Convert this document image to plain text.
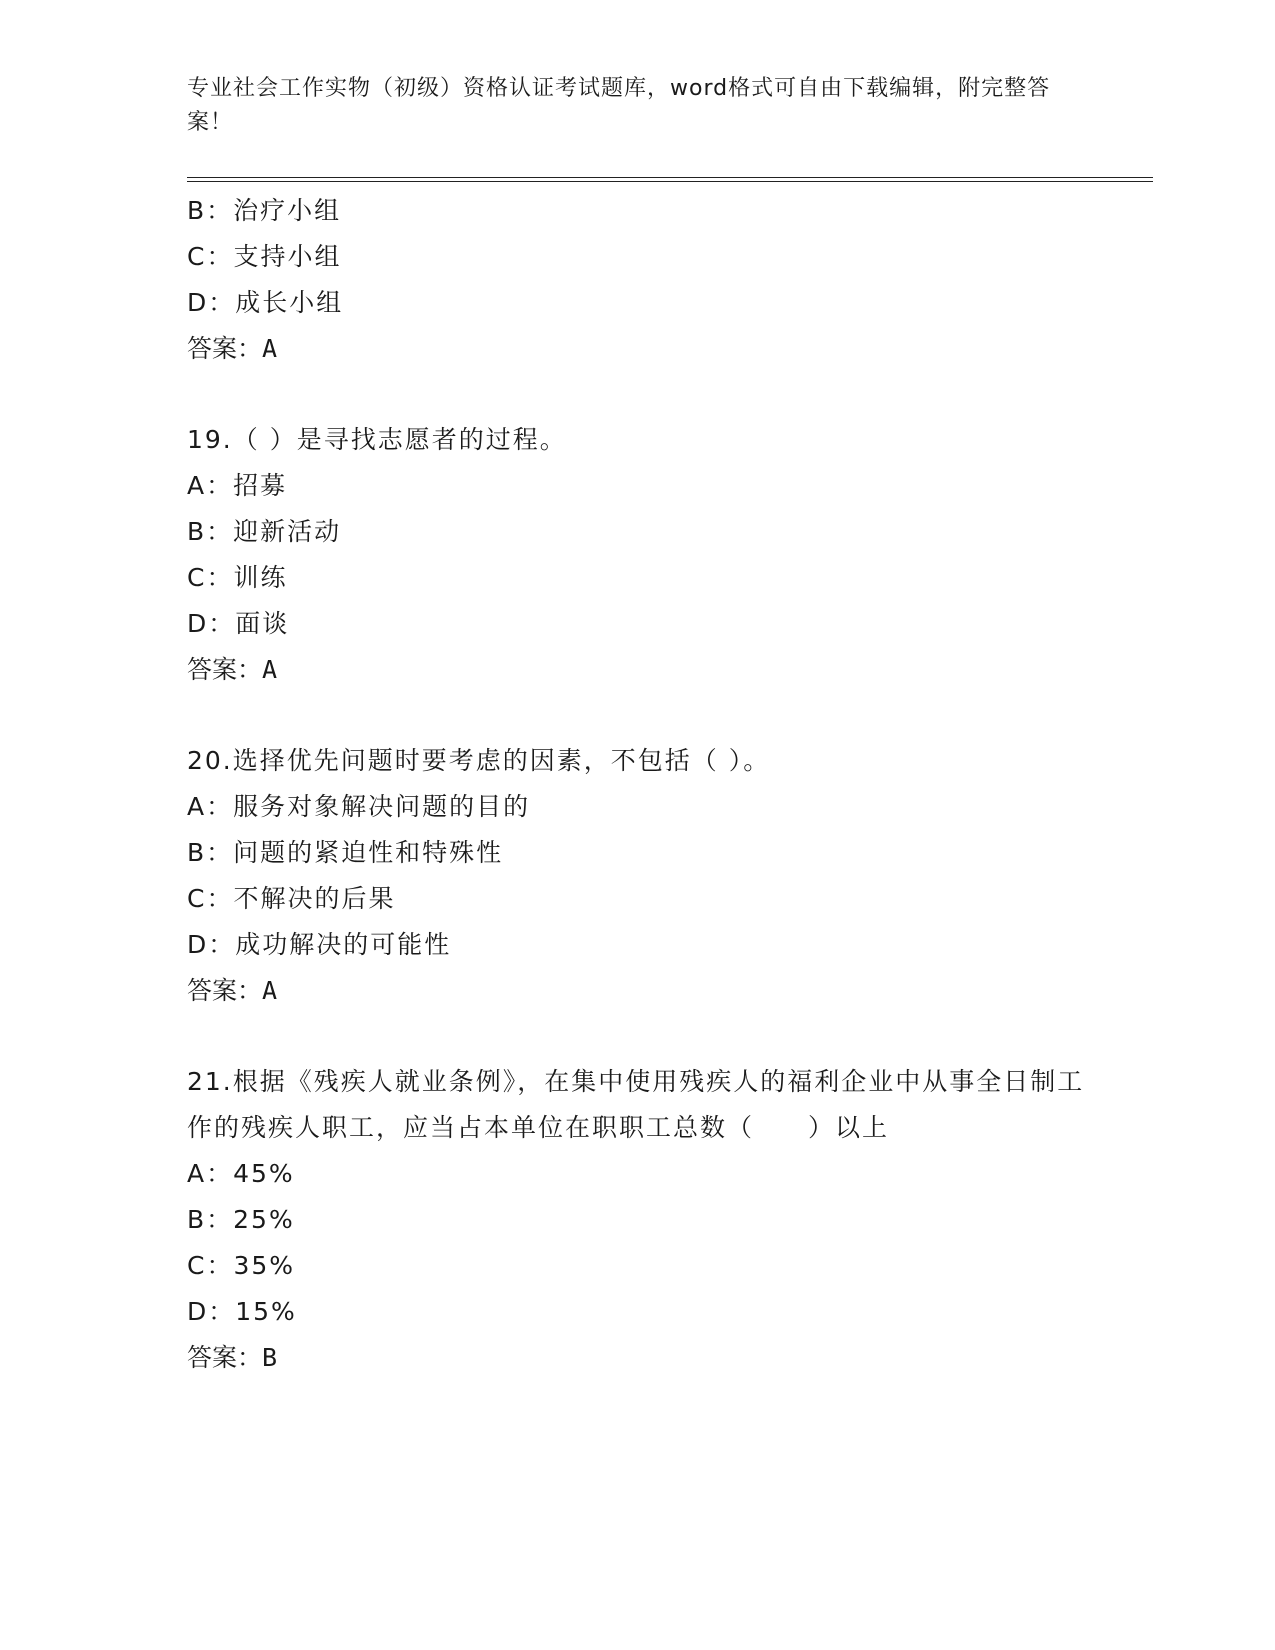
专业社会工作实物（初级）资格认证考试题库，word格式可自由下载编辑，附完整答案！
B：治疗小组
C：支持小组
D：成长小组
答案：A
19.（ ）是寻找志愿者的过程。
A：招募
B：迎新活动
C：训练
D：面谈
答案：A
20.选择优先问题时要考虑的因素，不包括（ ）。
A：服务对象解决问题的目的
B：问题的紧迫性和特殊性
C：不解决的后果
D：成功解决的可能性
答案：A
21.根据《残疾人就业条例》，在集中使用残疾人的福利企业中从事全日制工作的残疾人职工，应当占本单位在职职工总数（　　）以上
A：45%
B：25%
C：35%
D：15%
答案：B
